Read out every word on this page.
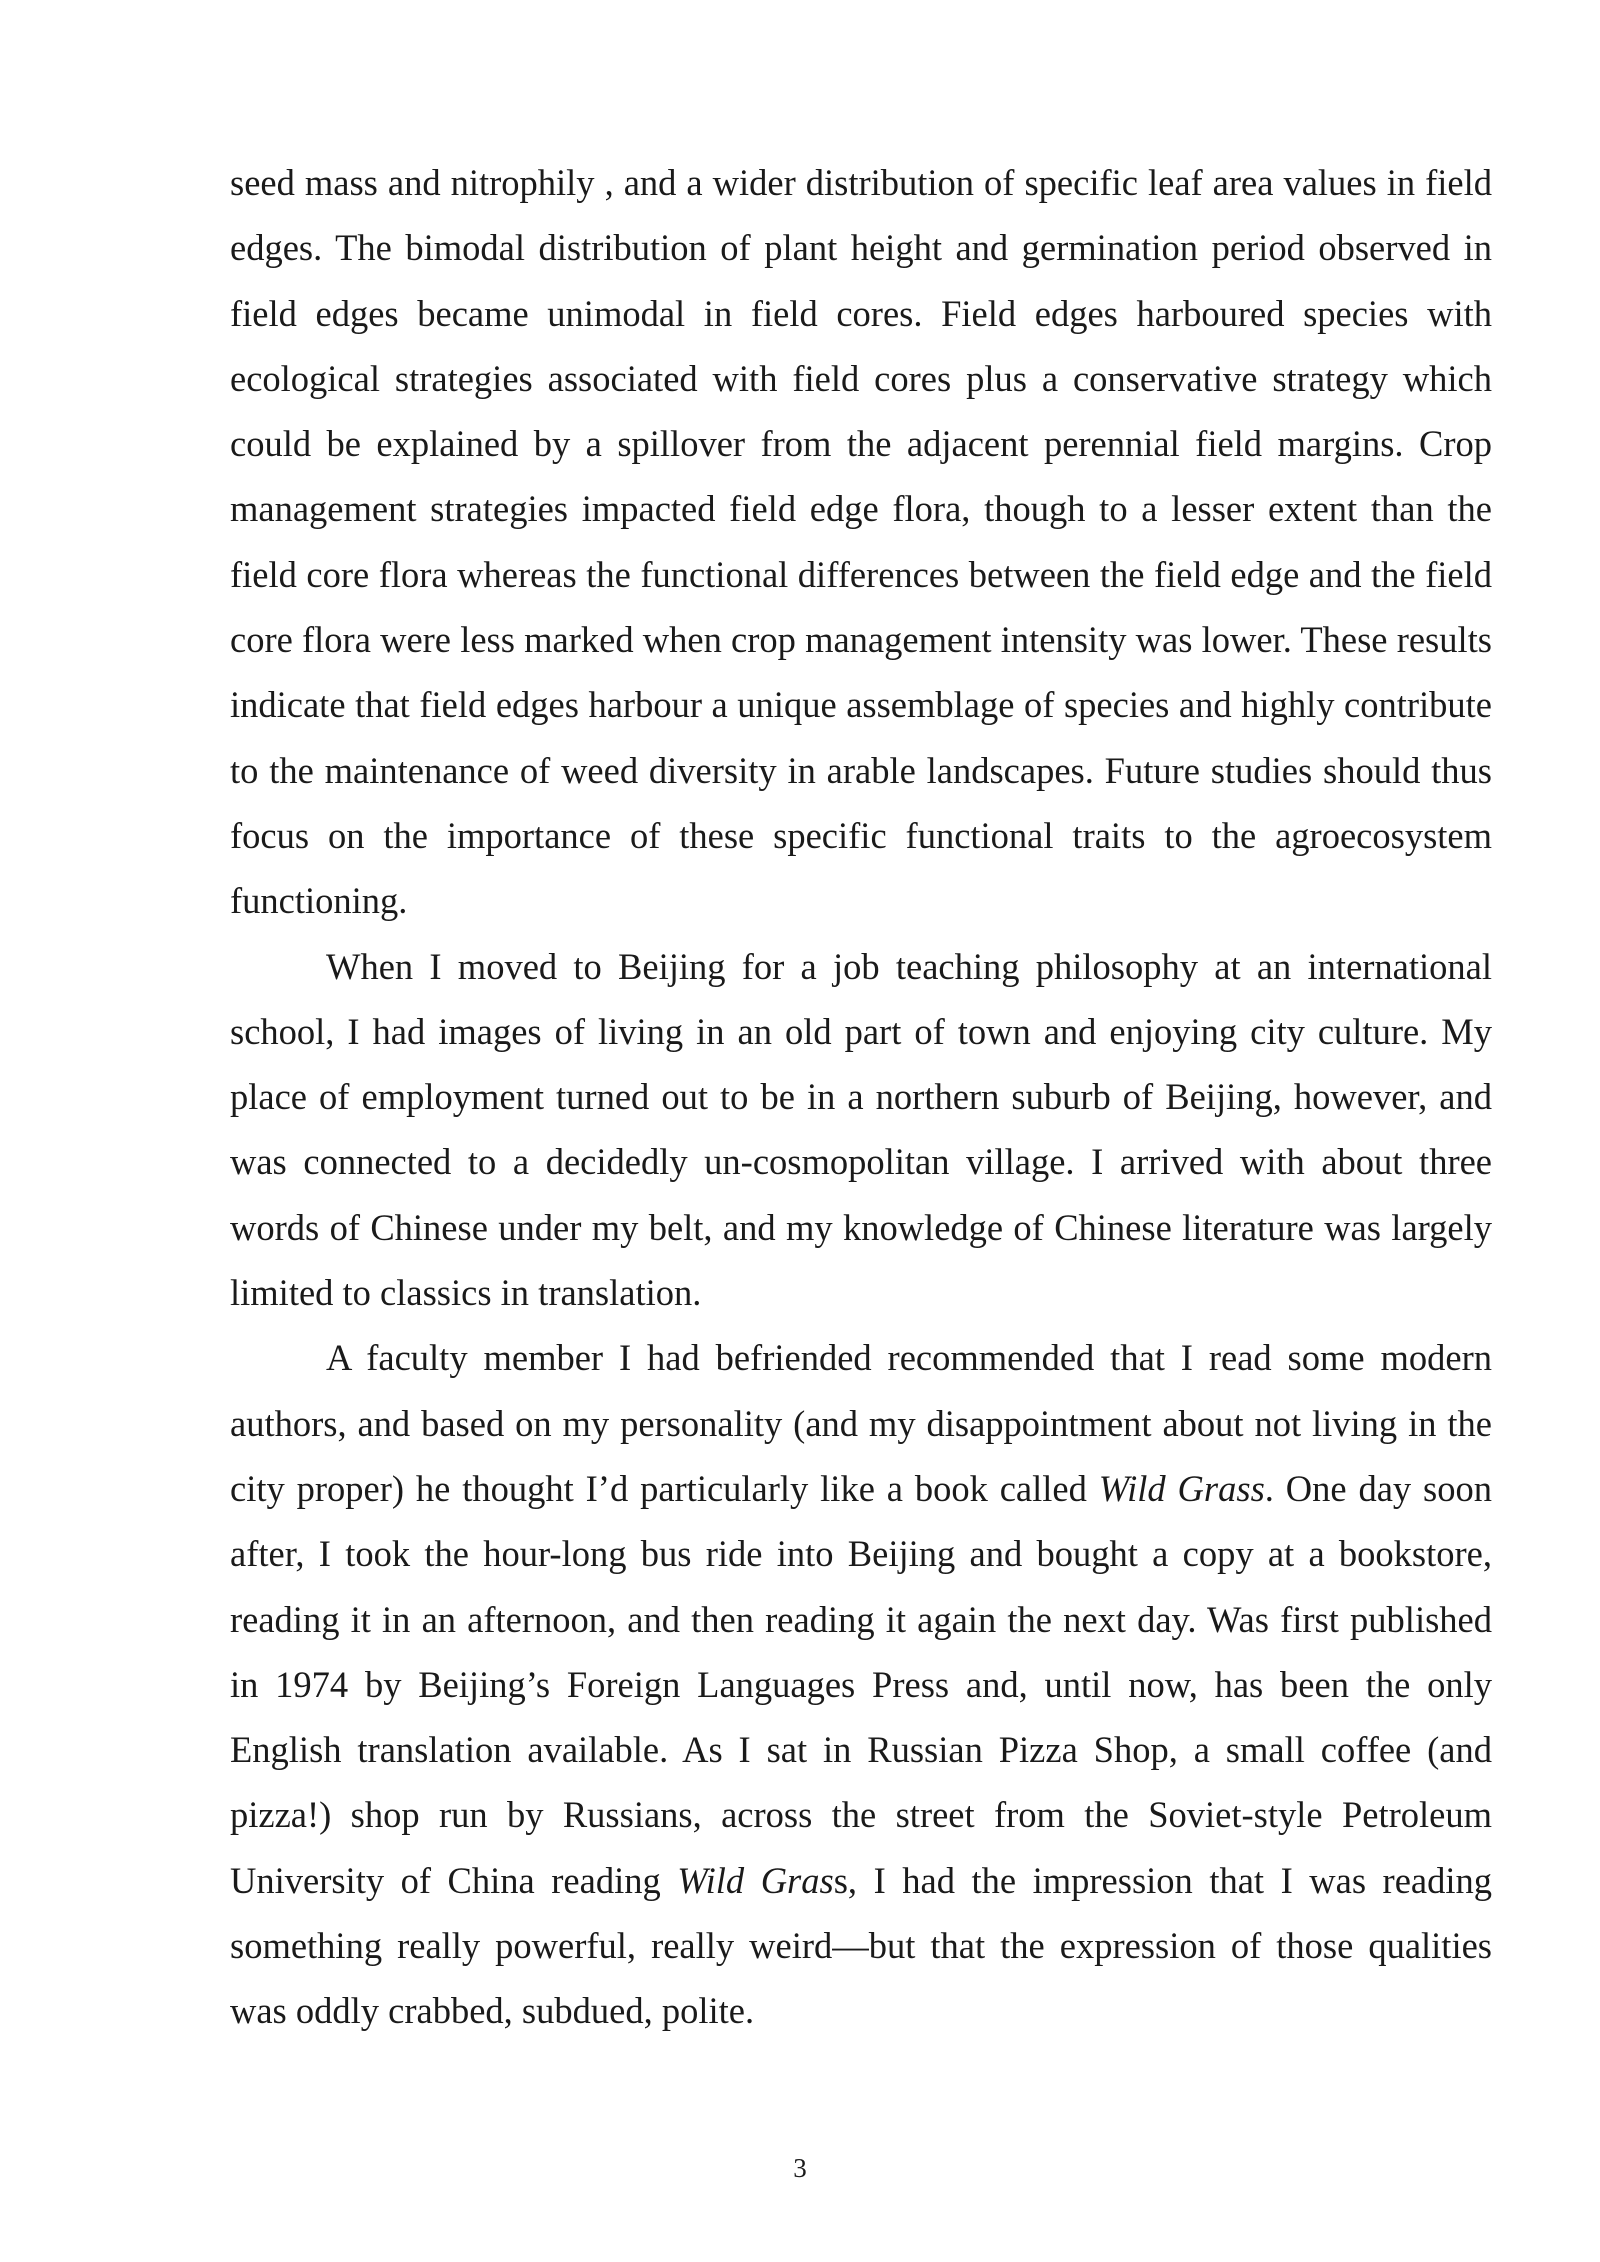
seed mass and nitrophily , and a wider distribution of specific leaf area values in field edges. The bimodal distribution of plant height and germination period observed in field edges became unimodal in field cores. Field edges harboured species with ecological strategies associated with field cores plus a conservative strategy which could be explained by a spillover from the adjacent perennial field margins. Crop management strategies impacted field edge flora, though to a lesser extent than the field core flora whereas the functional differences between the field edge and the field core flora were less marked when crop management intensity was lower. These results indicate that field edges harbour a unique assemblage of species and highly contribute to the maintenance of weed diversity in arable landscapes. Future studies should thus focus on the importance of these specific functional traits to the agroecosystem functioning.

When I moved to Beijing for a job teaching philosophy at an international school, I had images of living in an old part of town and enjoying city culture. My place of employment turned out to be in a northern suburb of Beijing, however, and was connected to a decidedly un-cosmopolitan village. I arrived with about three words of Chinese under my belt, and my knowledge of Chinese literature was largely limited to classics in translation.

A faculty member I had befriended recommended that I read some modern authors, and based on my personality (and my disappointment about not living in the city proper) he thought I’d particularly like a book called Wild Grass. One day soon after, I took the hour-long bus ride into Beijing and bought a copy at a bookstore, reading it in an afternoon, and then reading it again the next day. Was first published in 1974 by Beijing’s Foreign Languages Press and, until now, has been the only English translation available. As I sat in Russian Pizza Shop, a small coffee (and pizza!) shop run by Russians, across the street from the Soviet-style Petroleum University of China reading Wild Grass, I had the impression that I was reading something really powerful, really weird—but that the expression of those qualities was oddly crabbed, subdued, polite.

3
